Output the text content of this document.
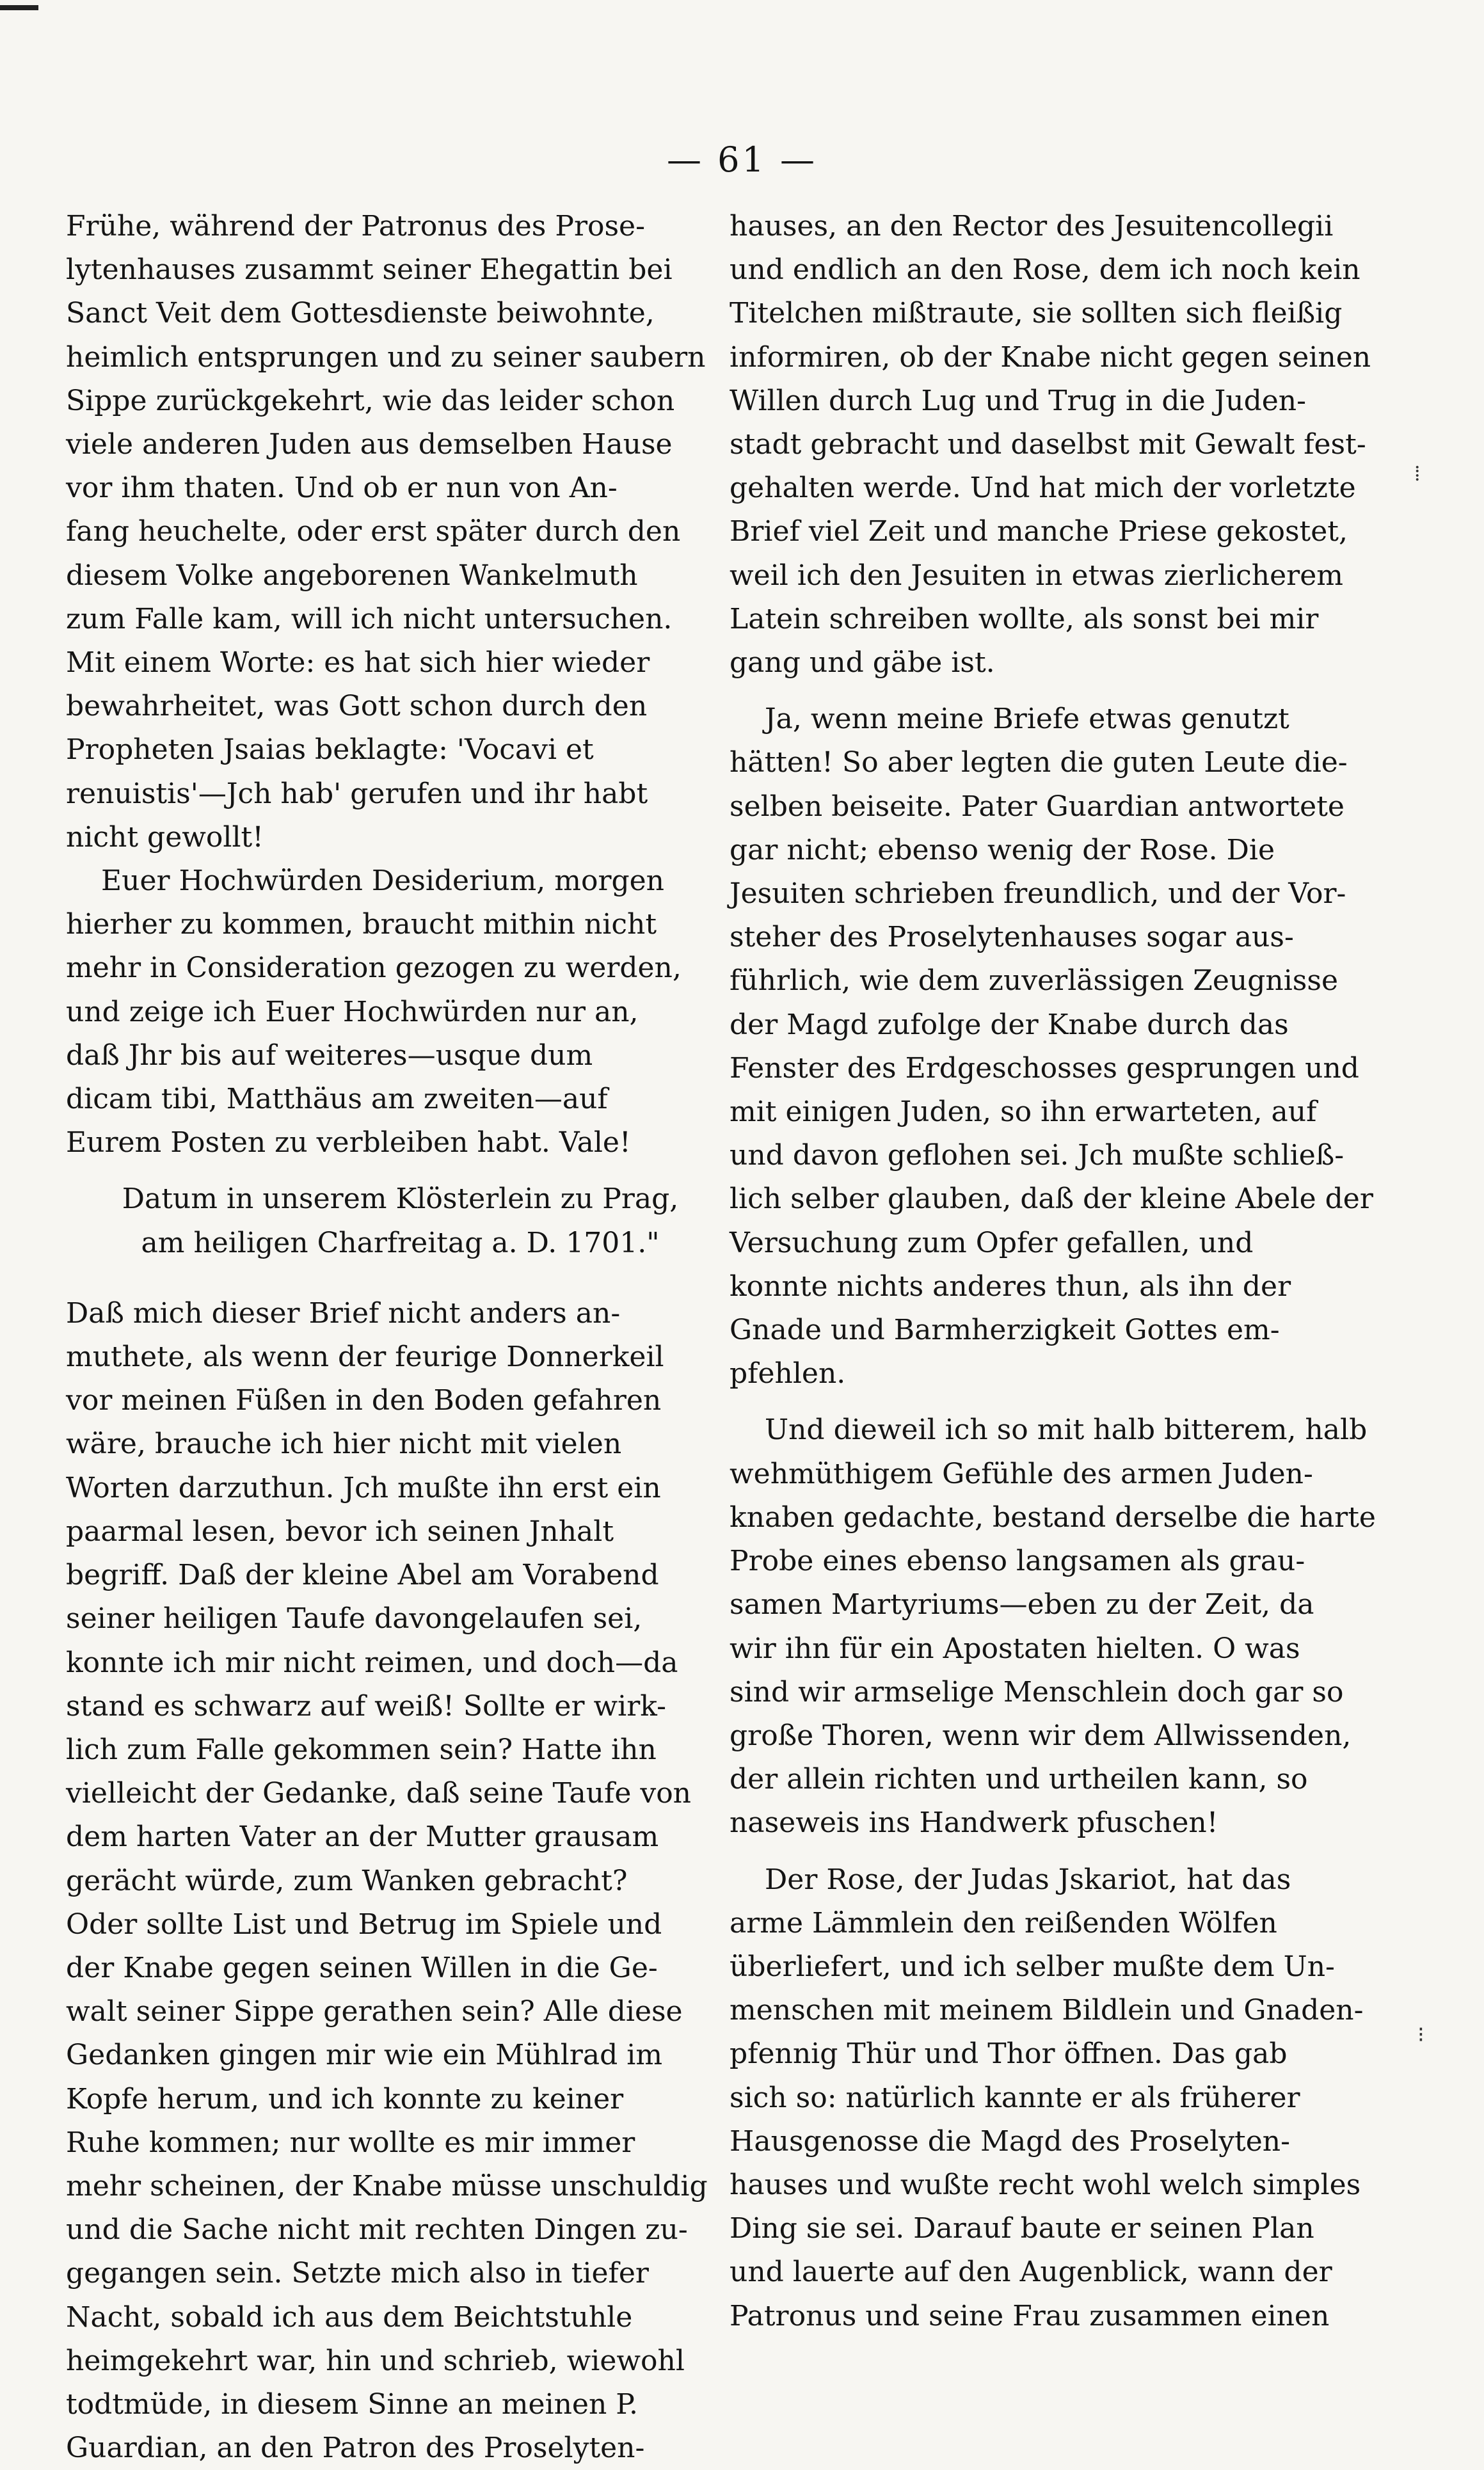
— 61 —
Frühe, während der Patronus des Prose-
lytenhauses zusammt seiner Ehegattin bei
Sanct Veit dem Gottesdienste beiwohnte,
heimlich entsprungen und zu seiner saubern
Sippe zurückgekehrt, wie das leider schon
viele anderen Juden aus demselben Hause
vor ihm thaten. Und ob er nun von An-
fang heuchelte, oder erst später durch den
diesem Volke angeborenen Wankelmuth
zum Falle kam, will ich nicht untersuchen.
Mit einem Worte: es hat sich hier wieder
bewahrheitet, was Gott schon durch den
Propheten Jsaias beklagte: 'Vocavi et
renuistis'—Jch hab' gerufen und ihr habt
nicht gewollt!
Euer Hochwürden Desiderium, morgen
hierher zu kommen, braucht mithin nicht
mehr in Consideration gezogen zu werden,
und zeige ich Euer Hochwürden nur an,
daß Jhr bis auf weiteres—usque dum
dicam tibi, Matthäus am zweiten—auf
Eurem Posten zu verbleiben habt. Vale!
Datum in unserem Klösterlein zu Prag,
am heiligen Charfreitag a. D. 1701."
Daß mich dieser Brief nicht anders an-
muthete, als wenn der feurige Donnerkeil
vor meinen Füßen in den Boden gefahren
wäre, brauche ich hier nicht mit vielen
Worten darzuthun. Jch mußte ihn erst ein
paarmal lesen, bevor ich seinen Jnhalt
begriff. Daß der kleine Abel am Vorabend
seiner heiligen Taufe davongelaufen sei,
konnte ich mir nicht reimen, und doch—da
stand es schwarz auf weiß! Sollte er wirk-
lich zum Falle gekommen sein? Hatte ihn
vielleicht der Gedanke, daß seine Taufe von
dem harten Vater an der Mutter grausam
gerächt würde, zum Wanken gebracht?
Oder sollte List und Betrug im Spiele und
der Knabe gegen seinen Willen in die Ge-
walt seiner Sippe gerathen sein? Alle diese
Gedanken gingen mir wie ein Mühlrad im
Kopfe herum, und ich konnte zu keiner
Ruhe kommen; nur wollte es mir immer
mehr scheinen, der Knabe müsse unschuldig
und die Sache nicht mit rechten Dingen zu-
gegangen sein. Setzte mich also in tiefer
Nacht, sobald ich aus dem Beichtstuhle
heimgekehrt war, hin und schrieb, wiewohl
todtmüde, in diesem Sinne an meinen P.
Guardian, an den Patron des Proselyten-
hauses, an den Rector des Jesuitencollegii
und endlich an den Rose, dem ich noch kein
Titelchen mißtraute, sie sollten sich fleißig
informiren, ob der Knabe nicht gegen seinen
Willen durch Lug und Trug in die Juden-
stadt gebracht und daselbst mit Gewalt fest-
gehalten werde. Und hat mich der vorletzte
Brief viel Zeit und manche Priese gekostet,
weil ich den Jesuiten in etwas zierlicherem
Latein schreiben wollte, als sonst bei mir
gang und gäbe ist.
Ja, wenn meine Briefe etwas genutzt
hätten! So aber legten die guten Leute die-
selben beiseite. Pater Guardian antwortete
gar nicht; ebenso wenig der Rose. Die
Jesuiten schrieben freundlich, und der Vor-
steher des Proselytenhauses sogar aus-
führlich, wie dem zuverlässigen Zeugnisse
der Magd zufolge der Knabe durch das
Fenster des Erdgeschosses gesprungen und
mit einigen Juden, so ihn erwarteten, auf
und davon geflohen sei. Jch mußte schließ-
lich selber glauben, daß der kleine Abele der
Versuchung zum Opfer gefallen, und
konnte nichts anderes thun, als ihn der
Gnade und Barmherzigkeit Gottes em-
pfehlen.
Und dieweil ich so mit halb bitterem, halb
wehmüthigem Gefühle des armen Juden-
knaben gedachte, bestand derselbe die harte
Probe eines ebenso langsamen als grau-
samen Martyriums—eben zu der Zeit, da
wir ihn für ein Apostaten hielten. O was
sind wir armselige Menschlein doch gar so
große Thoren, wenn wir dem Allwissenden,
der allein richten und urtheilen kann, so
naseweis ins Handwerk pfuschen!
Der Rose, der Judas Jskariot, hat das
arme Lämmlein den reißenden Wölfen
überliefert, und ich selber mußte dem Un-
menschen mit meinem Bildlein und Gnaden-
pfennig Thür und Thor öffnen. Das gab
sich so: natürlich kannte er als früherer
Hausgenosse die Magd des Proselyten-
hauses und wußte recht wohl welch simples
Ding sie sei. Darauf baute er seinen Plan
und lauerte auf den Augenblick, wann der
Patronus und seine Frau zusammen einen
⁞
⁝
